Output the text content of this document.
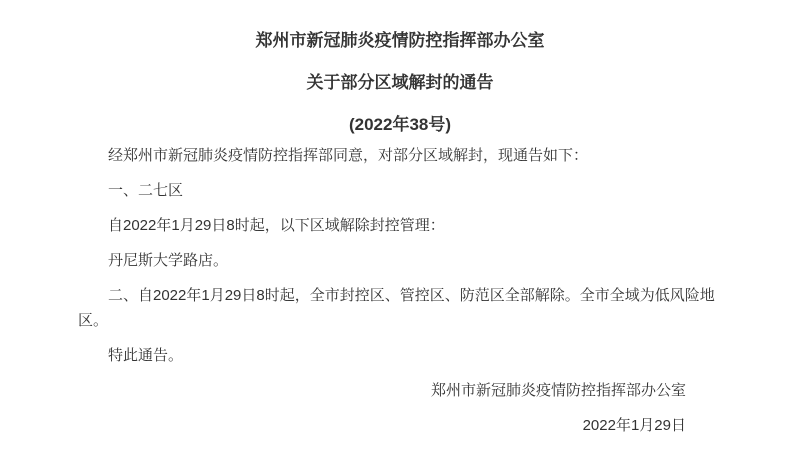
郑州市新冠肺炎疫情防控指挥部办公室
关于部分区域解封的通告
(2022年38号)

经郑州市新冠肺炎疫情防控指挥部同意，对部分区域解封，现通告如下：

一、二七区

自2022年1月29日8时起，以下区域解除封控管理：

丹尼斯大学路店。

二、自2022年1月29日8时起，全市封控区、管控区、防范区全部解除。全市全域为低风险地区。

特此通告。

郑州市新冠肺炎疫情防控指挥部办公室

2022年1月29日
